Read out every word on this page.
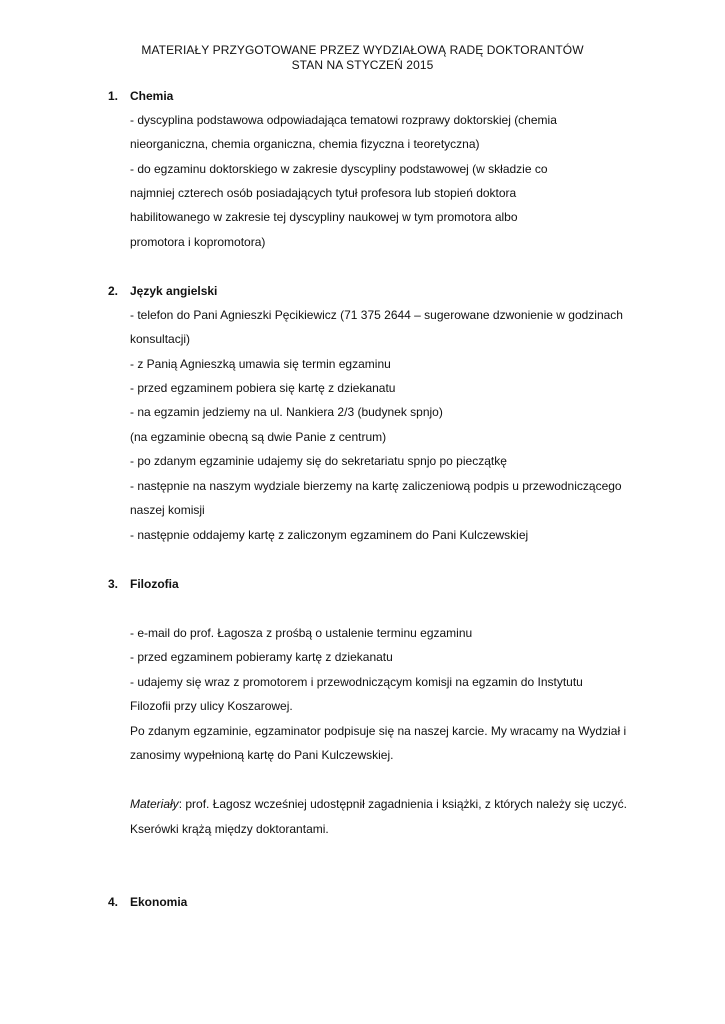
MATERIAŁY PRZYGOTOWANE PRZEZ WYDZIAŁOWĄ RADĘ DOKTORANTÓW
STAN NA STYCZEŃ 2015
1. Chemia
- dyscyplina podstawowa odpowiadająca tematowi rozprawy doktorskiej (chemia
nieorganiczna, chemia organiczna, chemia fizyczna i teoretyczna)
- do egzaminu doktorskiego w zakresie dyscypliny podstawowej (w składzie co
najmniej czterech osób posiadających tytuł profesora lub stopień doktora
habilitowanego w zakresie tej dyscypliny naukowej w tym promotora albo
promotora i kopromotora)
2. Język angielski
- telefon do Pani Agnieszki Pęcikiewicz (71 375 2644 – sugerowane dzwonienie w godzinach
konsultacji)
- z Panią Agnieszką umawia się termin egzaminu
- przed egzaminem pobiera się kartę z dziekanatu
- na egzamin jedziemy na ul. Nankiera 2/3 (budynek spnjo)
(na egzaminie obecną są dwie Panie z centrum)
- po zdanym egzaminie udajemy się do sekretariatu spnjo po pieczątkę
- następnie na naszym wydziale bierzemy na kartę zaliczeniową podpis u przewodniczącego
naszej komisji
- następnie oddajemy kartę z zaliczonym egzaminem do Pani Kulczewskiej
3. Filozofia
- e-mail do prof. Łagosza z prośbą o ustalenie terminu egzaminu
- przed egzaminem pobieramy kartę z dziekanatu
- udajemy się wraz z promotorem i przewodniczącym komisji na egzamin do Instytutu
Filozofii przy ulicy Koszarowej.
Po zdanym egzaminie, egzaminator podpisuje się na naszej karcie. My wracamy na Wydział i
zanosimy wypełnioną kartę do Pani Kulczewskiej.
Materiały: prof. Łagosz wcześniej udostępnił zagadnienia i książki, z których należy się uczyć.
Kserówki krążą między doktorantami.
4. Ekonomia
